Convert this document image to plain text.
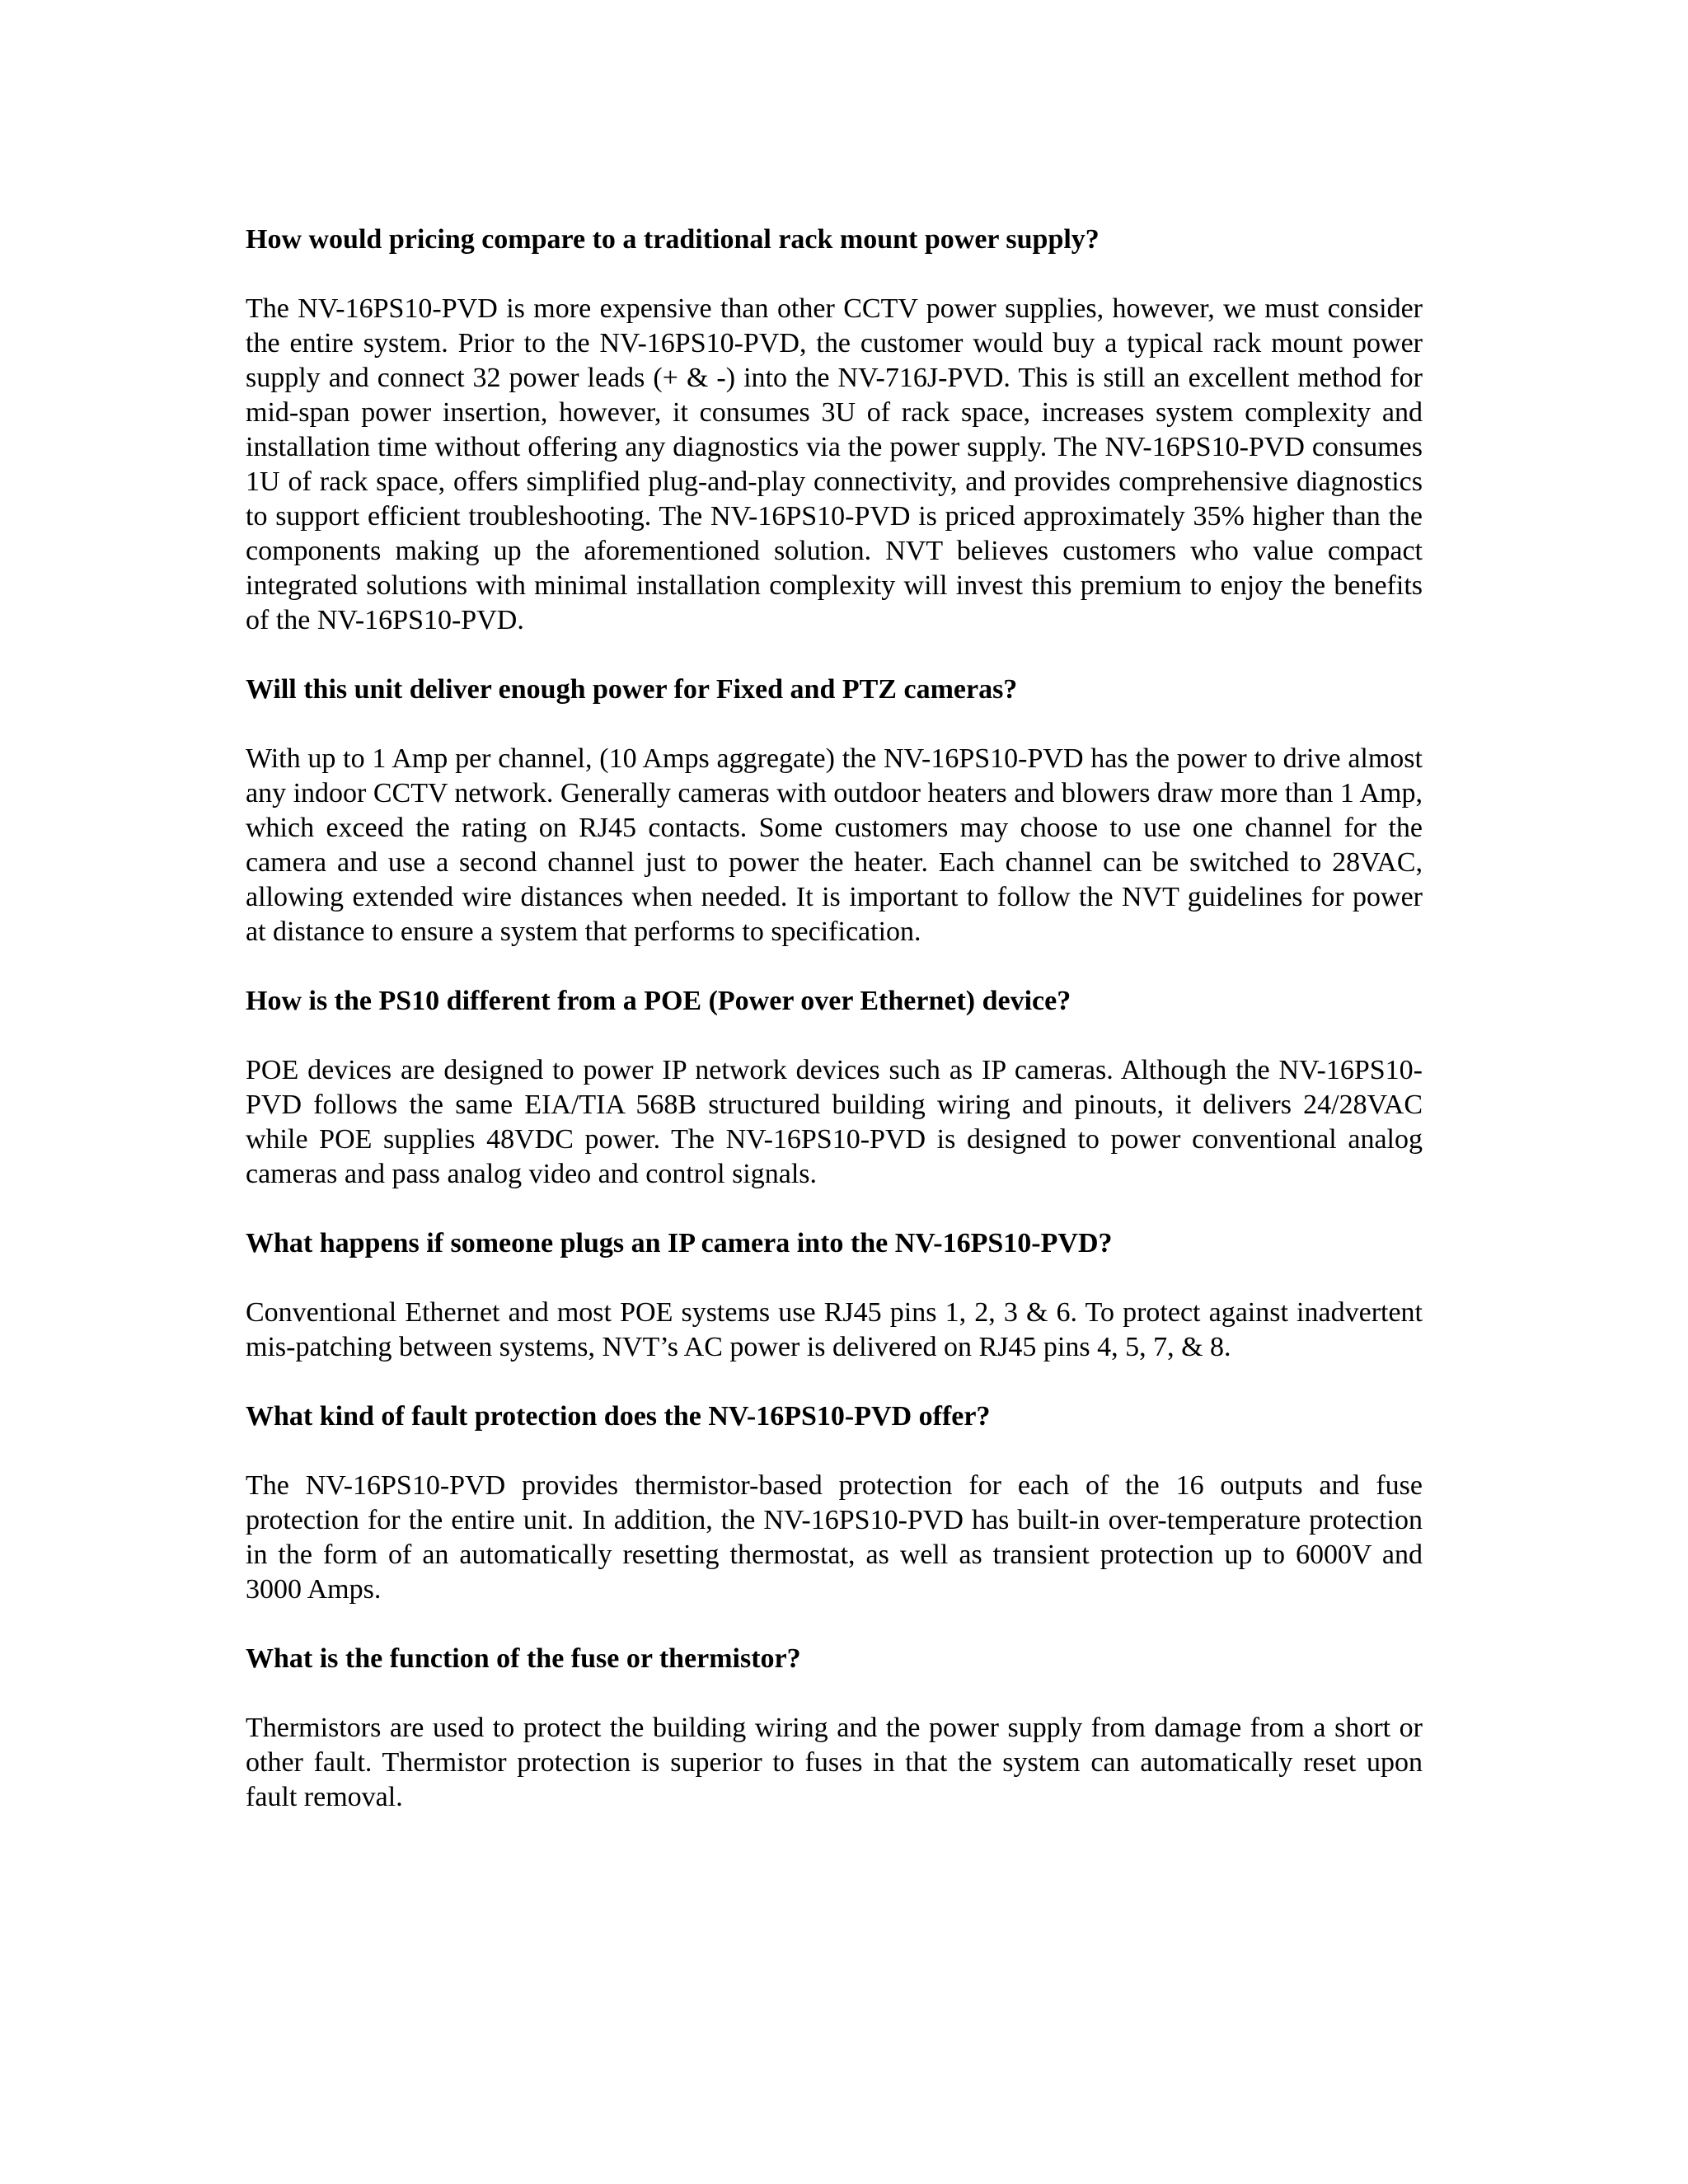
How would pricing compare to a traditional rack mount power supply?

The NV-16PS10-PVD is more expensive than other CCTV power supplies, however, we must consider the entire system. Prior to the NV-16PS10-PVD, the customer would buy a typical rack mount power supply and connect 32 power leads (+ & -) into the NV-716J-PVD. This is still an excellent method for mid-span power insertion, however, it consumes 3U of rack space, increases system complexity and installation time without offering any diagnostics via the power supply. The NV-16PS10-PVD consumes 1U of rack space, offers simplified plug-and-play connectivity, and provides comprehensive diagnostics to support efficient troubleshooting. The NV-16PS10-PVD is priced approximately 35% higher than the components making up the aforementioned solution. NVT believes customers who value compact integrated solutions with minimal installation complexity will invest this premium to enjoy the benefits of the NV-16PS10-PVD.

Will this unit deliver enough power for Fixed and PTZ cameras?

With up to 1 Amp per channel, (10 Amps aggregate) the NV-16PS10-PVD has the power to drive almost any indoor CCTV network. Generally cameras with outdoor heaters and blowers draw more than 1 Amp, which exceed the rating on RJ45 contacts. Some customers may choose to use one channel for the camera and use a second channel just to power the heater. Each channel can be switched to 28VAC, allowing extended wire distances when needed. It is important to follow the NVT guidelines for power at distance to ensure a system that performs to specification.

How is the PS10 different from a POE (Power over Ethernet) device?

POE devices are designed to power IP network devices such as IP cameras. Although the NV-16PS10-PVD follows the same EIA/TIA 568B structured building wiring and pinouts, it delivers 24/28VAC while POE supplies 48VDC power. The NV-16PS10-PVD is designed to power conventional analog cameras and pass analog video and control signals.

What happens if someone plugs an IP camera into the NV-16PS10-PVD?

Conventional Ethernet and most POE systems use RJ45 pins 1, 2, 3 & 6. To protect against inadvertent mis-patching between systems, NVT’s AC power is delivered on RJ45 pins 4, 5, 7, & 8.

What kind of fault protection does the NV-16PS10-PVD offer?

The NV-16PS10-PVD provides thermistor-based protection for each of the 16 outputs and fuse protection for the entire unit. In addition, the NV-16PS10-PVD has built-in over-temperature protection in the form of an automatically resetting thermostat, as well as transient protection up to 6000V and 3000 Amps.

What is the function of the fuse or thermistor?

Thermistors are used to protect the building wiring and the power supply from damage from a short or other fault. Thermistor protection is superior to fuses in that the system can automatically reset upon fault removal.
